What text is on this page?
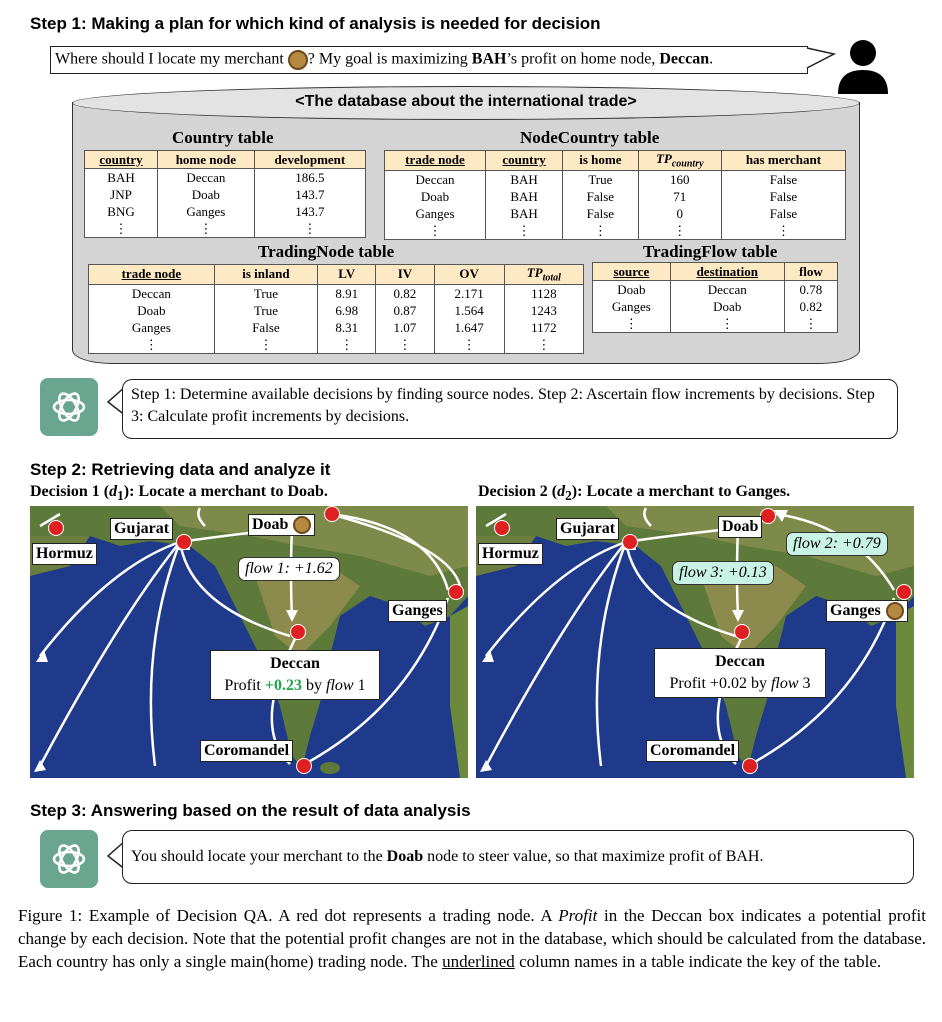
Step 1: Making a plan for which kind of analysis is needed for decision
Where should I locate my merchant ? My goal is maximizing BAH’s profit on home node, Deccan.
<The database about the international trade>
Country table
country	home node	development
BAH	Deccan	186.5
JNP	Doab	143.7
BNG	Ganges	143.7
⋮	⋮	⋮
NodeCountry table
trade node	country	is home	$TP_{country}$	has merchant
Deccan	BAH	True	160	False
Doab	BAH	False	71	False
Ganges	BAH	False	0	False
⋮	⋮	⋮	⋮	⋮
TradingNode table
trade node	is inland	LV	IV	OV	$TP_{total}$
Deccan	True	8.91	0.82	2.171	1128
Doab	True	6.98	0.87	1.564	1243
Ganges	False	8.31	1.07	1.647	1172
⋮	⋮	⋮	⋮	⋮	⋮
TradingFlow table
source	destination	flow
Doab	Deccan	0.78
Ganges	Doab	0.82
⋮	⋮	⋮
Step 1: Determine available decisions by finding source nodes. Step 2: Ascertain flow increments by decisions. Step 3: Calculate profit increments by decisions.
Step 2: Retrieving data and analyze it
Decision 1 $(d_1)$: Locate a merchant to Doab.	Decision 2 $(d_2)$: Locate a merchant to Ganges.
Gujarat
Hormuz
Doab
Ganges
Coromandel
flow 1: +1.62
Deccan
Profit +0.23 by flow 1
Gujarat
Hormuz
Doab
Ganges
Coromandel
flow 2: +0.79
flow 3: +0.13
Deccan
Profit +0.02 by flow 3
Step 3: Answering based on the result of data analysis
You should locate your merchant to the Doab node to steer value, so that maximize profit of BAH.
Figure 1: Example of Decision QA. A red dot represents a trading node. A Profit in the Deccan box indicates a potential profit change by each decision. Note that the potential profit changes are not in the database, which should be calculated from the database. Each country has only a single main(home) trading node. The underlined column names in a table indicate the key of the table.
